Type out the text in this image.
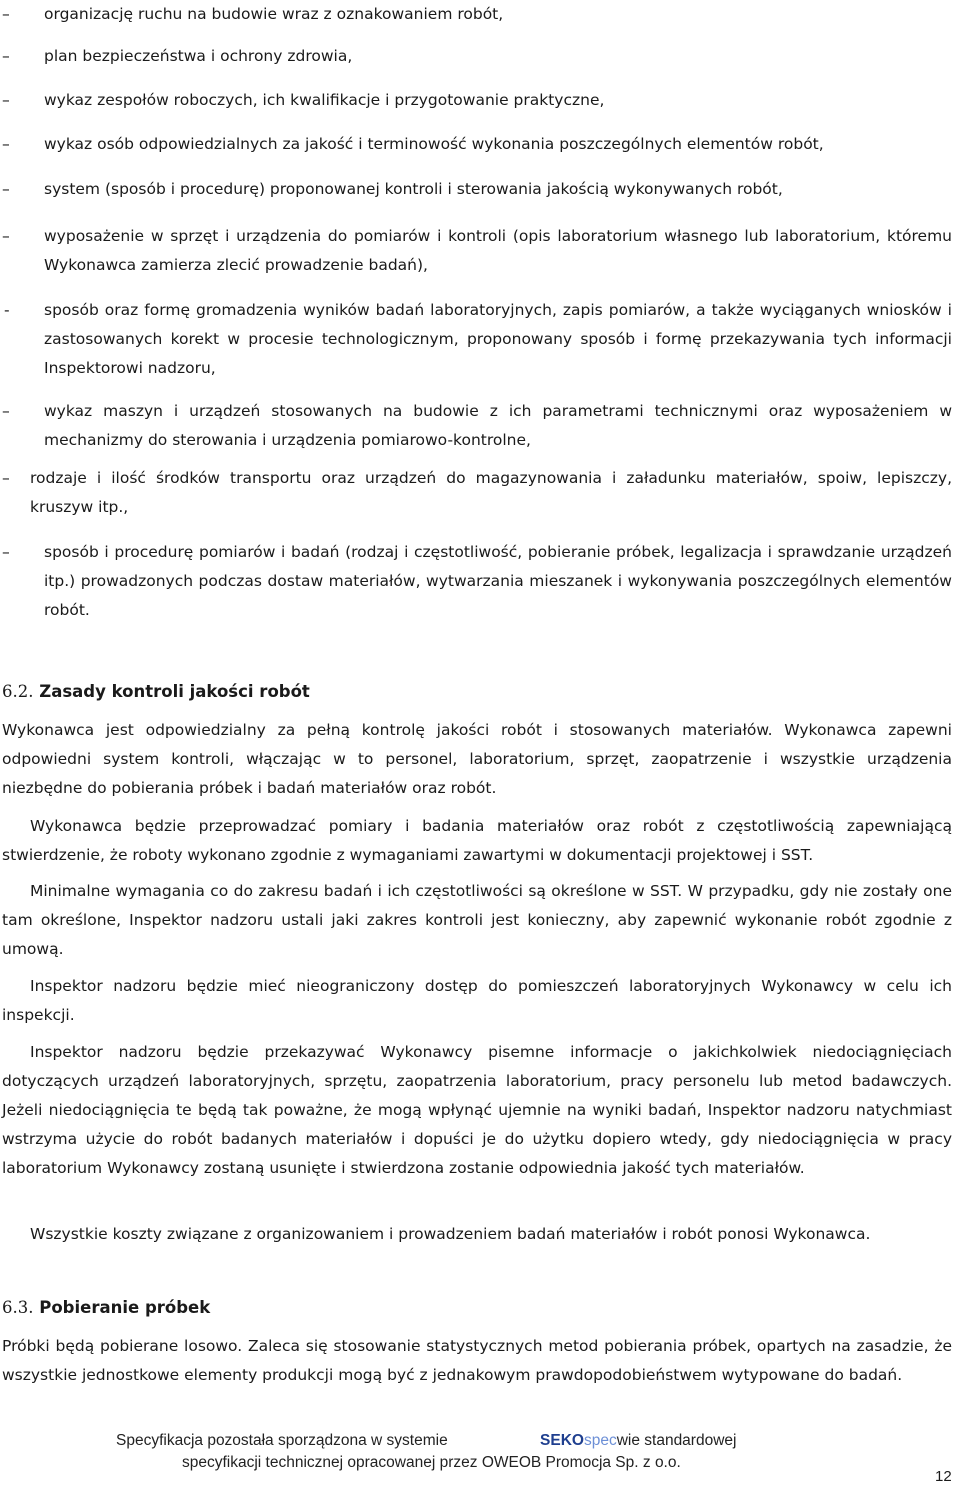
–	organizację ruchu na budowie wraz z oznakowaniem robót,
–	plan bezpieczeństwa i ochrony zdrowia,
–	wykaz zespołów roboczych, ich kwalifikacje i przygotowanie praktyczne,
–	wykaz osób odpowiedzialnych za jakość i terminowość wykonania poszczególnych elementów robót,
–	system (sposób i procedurę) proponowanej kontroli i sterowania jakością wykonywanych robót,
–	wyposażenie w sprzęt i urządzenia do pomiarów i kontroli (opis laboratorium własnego lub laboratorium, któremu Wykonawca zamierza zlecić prowadzenie badań),
-	sposób oraz formę gromadzenia wyników badań laboratoryjnych, zapis pomiarów, a także wyciąganych wniosków i zastosowanych korekt w procesie technologicznym, proponowany sposób i formę przekazywania tych informacji Inspektorowi nadzoru,
–	wykaz maszyn i urządzeń stosowanych na budowie z ich parametrami technicznymi oraz wyposażeniem w mechanizmy do sterowania i urządzenia pomiarowo-kontrolne,
–	rodzaje i ilość środków transportu oraz urządzeń do magazynowania i załadunku materiałów, spoiw, lepiszczy, kruszyw itp.,
–	sposób i procedurę pomiarów i badań (rodzaj i częstotliwość, pobieranie próbek, legalizacja i sprawdzanie urządzeń itp.) prowadzonych podczas dostaw materiałów, wytwarzania mieszanek i wykonywania poszczególnych elementów robót.
6.2. Zasady kontroli jakości robót
Wykonawca jest odpowiedzialny za pełną kontrolę jakości robót i stosowanych materiałów. Wykonawca zapewni odpowiedni system kontroli, włączając w to personel, laboratorium, sprzęt, zaopatrzenie i wszystkie urządzenia niezbędne do pobierania próbek i badań materiałów oraz robót.
Wykonawca będzie przeprowadzać pomiary i badania materiałów oraz robót z częstotliwością zapewniającą stwierdzenie, że roboty wykonano zgodnie z wymaganiami zawartymi w dokumentacji projektowej i SST.
Minimalne wymagania co do zakresu badań i ich częstotliwości są określone w SST. W przypadku, gdy nie zostały one tam określone, Inspektor nadzoru ustali jaki zakres kontroli jest konieczny, aby zapewnić wykonanie robót zgodnie z umową.
Inspektor nadzoru będzie mieć nieograniczony dostęp do pomieszczeń laboratoryjnych Wykonawcy w celu ich inspekcji.
Inspektor nadzoru będzie przekazywać Wykonawcy pisemne informacje o jakichkolwiek niedociągnięciach dotyczących urządzeń laboratoryjnych, sprzętu, zaopatrzenia laboratorium, pracy personelu lub metod badawczych. Jeżeli niedociągnięcia te będą tak poważne, że mogą wpłynąć ujemnie na wyniki badań, Inspektor nadzoru natychmiast wstrzyma użycie do robót badanych materiałów i dopuści je do użytku dopiero wtedy, gdy niedociągnięcia w pracy laboratorium Wykonawcy zostaną usunięte i stwierdzona zostanie odpowiednia jakość tych materiałów.
Wszystkie koszty związane z organizowaniem i prowadzeniem badań materiałów i robót ponosi Wykonawca.
6.3. Pobieranie próbek
Próbki będą pobierane losowo. Zaleca się stosowanie statystycznych metod pobierania próbek, opartych na zasadzie, że wszystkie jednostkowe elementy produkcji mogą być z jednakowym prawdopodobieństwem wytypowane do badań.
Specyfikacja pozostała sporządzona w systemie	SEKOspecwie standardowej
specyfikacji technicznej opracowanej przez OWEOB Promocja Sp. z o.o.
12
